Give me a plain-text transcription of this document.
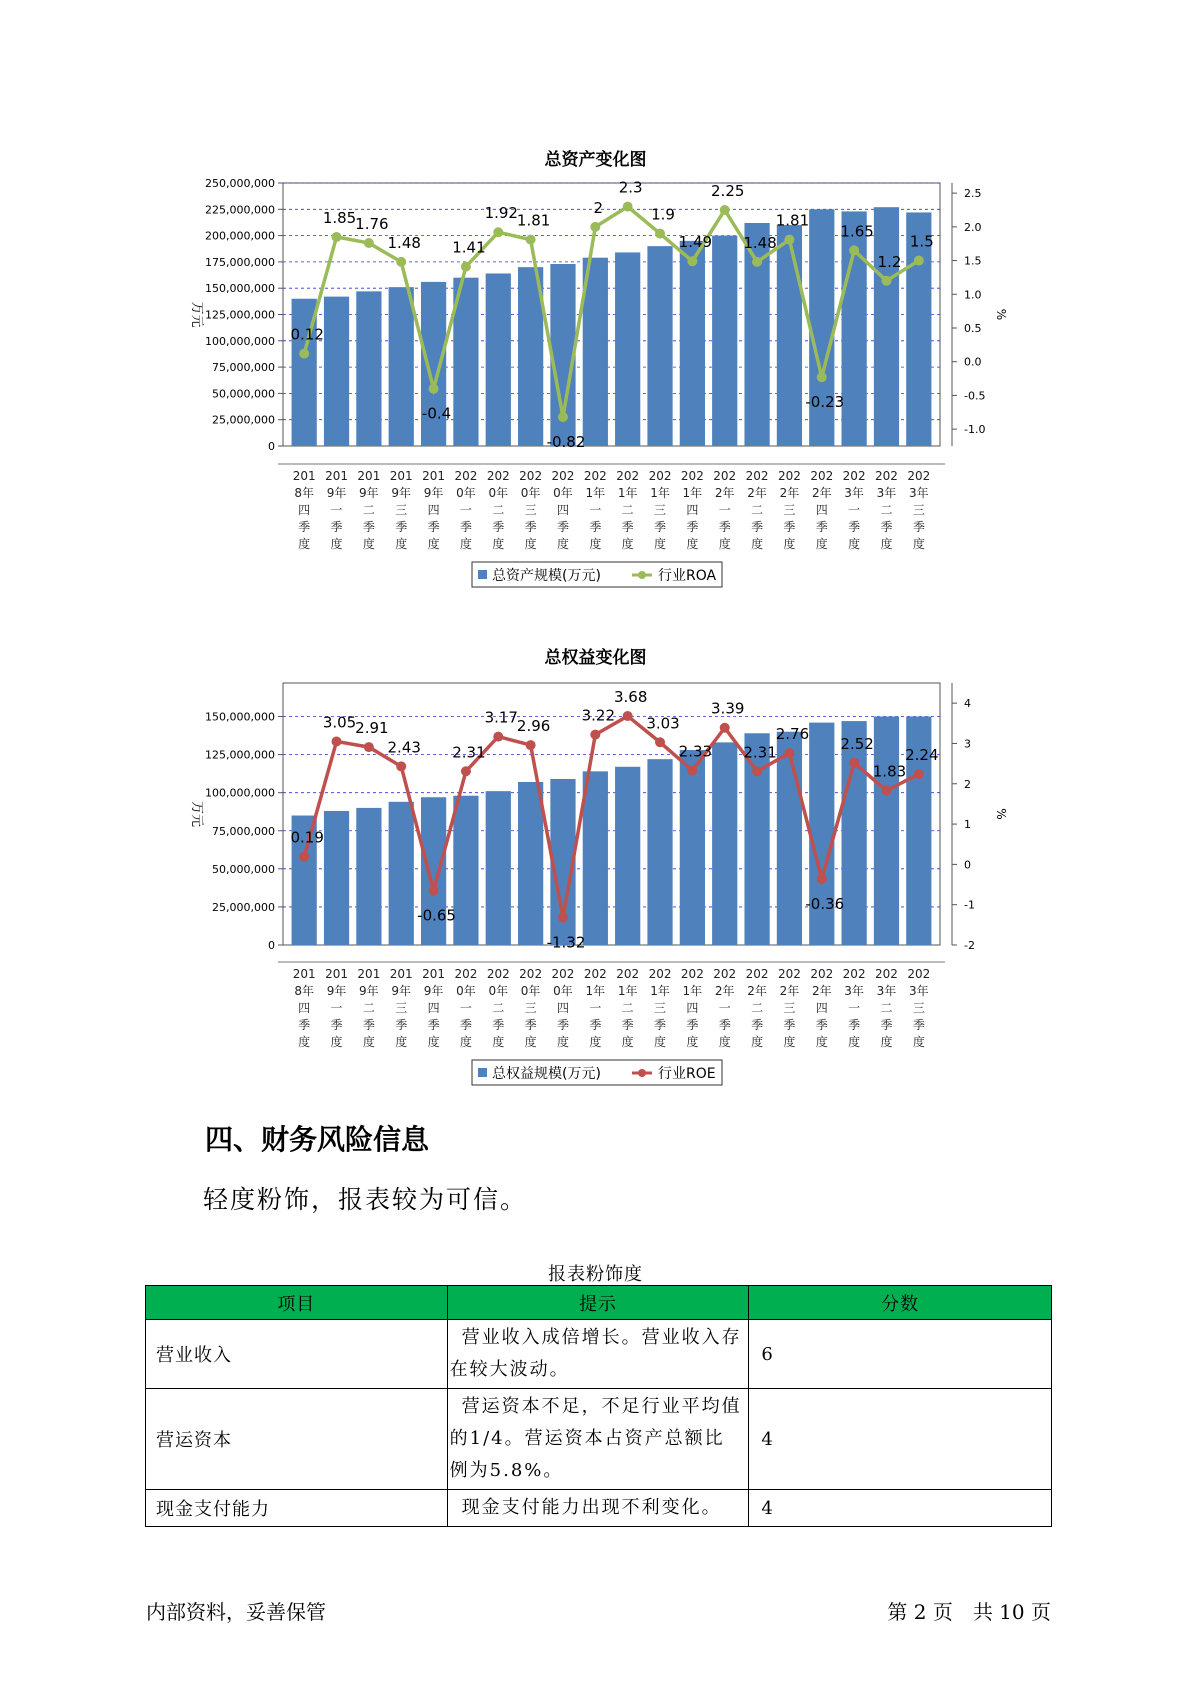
总资产变化图
0
25,000,000
50,000,000
75,000,000
100,000,000
125,000,000
150,000,000
175,000,000
200,000,000
225,000,000
250,000,000
-1.0
-0.5
0.0
0.5
1.0
1.5
2.0
2.5
万元	%
0.12
1.85
1.76
1.48
-0.4
1.41
1.92
1.81
-0.82
2
2.3
1.9
1.49
2.25
1.48
1.81
-0.23
1.65
1.2
1.5
201
8年
四
季
度
201
9年
一
季
度
201
9年
二
季
度
201
9年
三
季
度
201
9年
四
季
度
202
0年
一
季
度
202
0年
二
季
度
202
0年
三
季
度
202
0年
四
季
度
202
1年
一
季
度
202
1年
二
季
度
202
1年
三
季
度
202
1年
四
季
度
202
2年
一
季
度
202
2年
二
季
度
202
2年
三
季
度
202
2年
四
季
度
202
3年
一
季
度
202
3年
二
季
度
202
3年
三
季
度
总资产规模(万元)	行业ROA
总权益变化图
0
25,000,000
50,000,000
75,000,000
100,000,000
125,000,000
150,000,000
-2
-1
0
1
2
3
4
万元	%
0.19
3.05
2.91
2.43
-0.65
2.31
3.17
2.96
-1.32
3.22
3.68
3.03
2.33
3.39
2.31
2.76
-0.36
2.52
1.83
2.24
201
8年
四
季
度
201
9年
一
季
度
201
9年
二
季
度
201
9年
三
季
度
201
9年
四
季
度
202
0年
一
季
度
202
0年
二
季
度
202
0年
三
季
度
202
0年
四
季
度
202
1年
一
季
度
202
1年
二
季
度
202
1年
三
季
度
202
1年
四
季
度
202
2年
一
季
度
202
2年
二
季
度
202
2年
三
季
度
202
2年
四
季
度
202
3年
一
季
度
202
3年
二
季
度
202
3年
三
季
度
总权益规模(万元)	行业ROE
四、财务风险信息
轻度粉饰，报表较为可信。
报表粉饰度
项目	提示	分数
营业收入	营业收入成倍增长。营业收入存在较大波动。	6
营运资本	营运资本不足，不足行业平均值的1/4。营运资本占资产总额比例为5.8%。	4
现金支付能力	现金支付能力出现不利变化。	4
内部资料，妥善保管	第 2 页　共 10 页
